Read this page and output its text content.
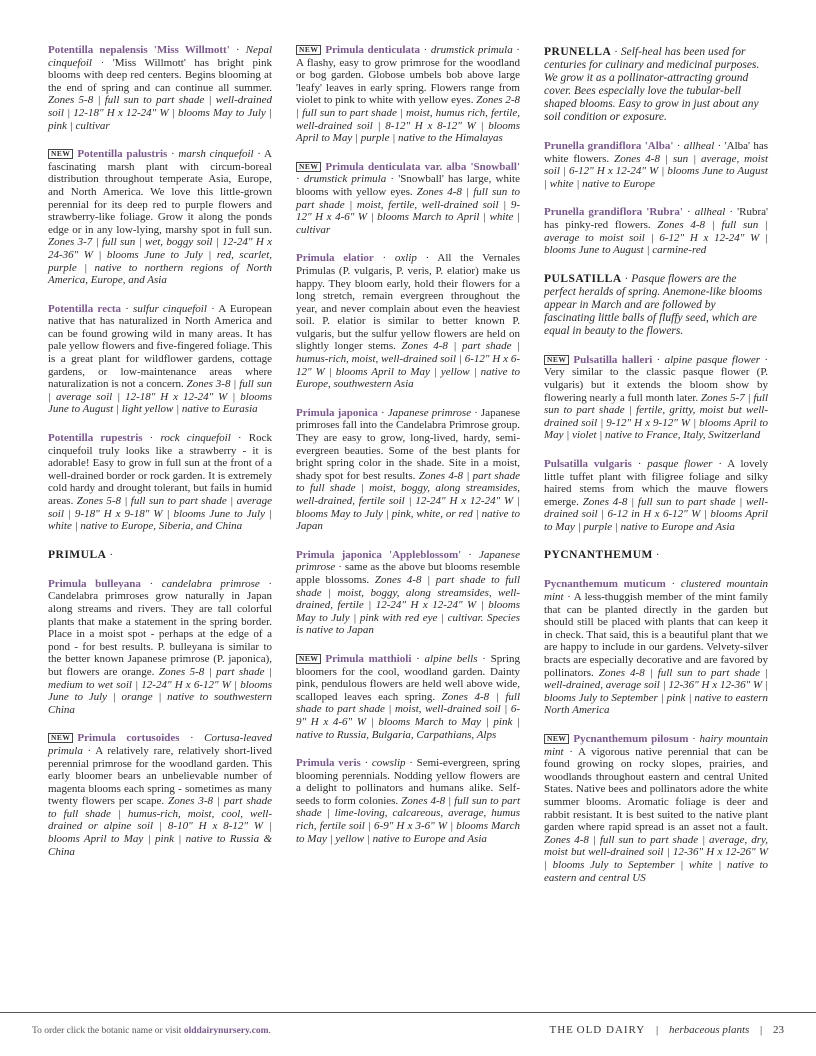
Potentilla nepalensis 'Miss Willmott' · Nepal cinquefoil · 'Miss Willmott' has bright pink blooms with deep red centers. Begins blooming at the end of spring and can continue all summer. Zones 5-8 | full sun to part shade | well-drained soil | 12-18" H x 12-24" W | blooms May to July | pink | cultivar

NEW Potentilla palustris · marsh cinquefoil · A fascinating marsh plant with circum-boreal distribution throughout temperate Asia, Europe, and North America. We love this little-grown perennial for its deep red to purple flowers and strawberry-like foliage. Grow it along the ponds edge or in any low-lying, marshy spot in full sun. Zones 3-7 | full sun | wet, boggy soil | 12-24" H x 24-36" W | blooms June to July | red, scarlet, purple | native to northern regions of North America, Europe, and Asia

Potentilla recta · sulfur cinquefoil · A European native that has naturalized in North America and can be found growing wild in many areas. It has pale yellow flowers and five-fingered foliage. This is a great plant for wildflower gardens, cottage gardens, or low-maintenance areas where naturalization is not a concern. Zones 3-8 | full sun | average soil | 12-18" H x 12-24" W | blooms June to August | light yellow | native to Eurasia

Potentilla rupestris · rock cinquefoil · Rock cinquefoil truly looks like a strawberry - it is adorable! Easy to grow in full sun at the front of a well-drained border or rock garden. It is extremely cold hardy and drought tolerant, but fails in humid areas. Zones 5-8 | full sun to part shade | average soil | 9-18" H x 9-18" W | blooms June to July | white | native to Europe, Siberia, and China

PRIMULA ·

Primula bulleyana · candelabra primrose · Candelabra primroses grow naturally in Japan along streams and rivers. They are tall colorful plants that make a statement in the spring border. Place in a moist spot - perhaps at the edge of a pond - for best results. P. bulleyana is similar to the better known Japanese primrose (P. japonica), but flowers are orange. Zones 5-8 | part shade | medium to wet soil | 12-24" H x 6-12" W | blooms June to July | orange | native to southwestern China

NEW Primula cortusoides · Cortusa-leaved primula · A relatively rare, relatively short-lived perennial primrose for the woodland garden. This early bloomer bears an unbelievable number of magenta blooms each spring - sometimes as many twenty flowers per scape. Zones 3-8 | part shade to full shade | humus-rich, moist, cool, well-drained or alpine soil | 8-10" H x 8-12" W | blooms April to May | pink | native to Russia & China

NEW Primula denticulata · drumstick primula · A flashy, easy to grow primrose for the woodland or bog garden. Globose umbels bob above large 'leafy' leaves in early spring. Flowers range from violet to pink to white with yellow eyes. Zones 2-8 | full sun to part shade | moist, humus rich, fertile, well-drained soil | 8-12" H x 8-12" W | blooms April to May | purple | native to the Himalayas

NEW Primula denticulata var. alba 'Snowball' · drumstick primula · 'Snowball' has large, white blooms with yellow eyes. Zones 4-8 | full sun to part shade | moist, fertile, well-drained soil | 9-12" H x 4-6" W | blooms March to April | white | cultivar

Primula elatior · oxlip · All the Vernales Primulas (P. vulgaris, P. veris, P. elatior) make us happy. They bloom early, hold their flowers for a long stretch, remain evergreen throughout the year, and never complain about even the heaviest soil. P. elatior is similar to better known P. vulgaris, but the sulfur yellow flowers are held on slightly longer stems. Zones 4-8 | part shade | humus-rich, moist, well-drained soil | 6-12" H x 6-12" W | blooms April to May | yellow | native to Europe, southwestern Asia

Primula japonica · Japanese primrose · Japanese primroses fall into the Candelabra Primrose group. They are easy to grow, long-lived, hardy, semi-evergreen beauties. Some of the best plants for bright spring color in the shade. Site in a moist, shady spot for best results. Zones 4-8 | part shade to full shade | moist, boggy, along streamsides, well-drained, fertile soil | 12-24" H x 12-24" W | blooms May to July | pink, white, or red | native to Japan

Primula japonica 'Appleblossom' · Japanese primrose · same as the above but blooms resemble apple blossoms. Zones 4-8 | part shade to full shade | moist, boggy, along streamsides, well-drained, fertile | 12-24" H x 12-24" W | blooms May to July | pink with red eye | cultivar. Species is native to Japan

NEW Primula matthioli · alpine bells · Spring bloomers for the cool, woodland garden. Dainty pink, pendulous flowers are held well above wide, scalloped leaves each spring. Zones 4-8 | full shade to part shade | moist, well-drained soil | 6-9" H x 4-6" W | blooms March to May | pink | native to Russia, Bulgaria, Carpathians, Alps

Primula veris · cowslip · Semi-evergreen, spring blooming perennials. Nodding yellow flowers are a delight to pollinators and humans alike. Self-seeds to form colonies. Zones 4-8 | full sun to part shade | lime-loving, calcareous, average, humus rich, fertile soil | 6-9" H x 3-6" W | blooms March to May | yellow | native to Europe and Asia

PRUNELLA · Self-heal has been used for centuries for culinary and medicinal purposes. We grow it as a pollinator-attracting ground cover. Bees especially love the tubular-bell shaped blooms. Easy to grow in just about any soil condition or exposure.

Prunella grandiflora 'Alba' · allheal · 'Alba' has white flowers. Zones 4-8 | sun | average, moist soil | 6-12" H x 12-24" W | blooms June to August | white | native to Europe

Prunella grandiflora 'Rubra' · allheal · 'Rubra' has pinky-red flowers. Zones 4-8 | full sun | average to moist soil | 6-12" H x 12-24" W | blooms June to August | carmine-red

PULSATILLA · Pasque flowers are the perfect heralds of spring. Anemone-like blooms appear in March and are followed by fascinating little balls of fluffy seed, which are equal in beauty to the flowers.

NEW Pulsatilla halleri · alpine pasque flower · Very similar to the classic pasque flower (P. vulgaris) but it extends the bloom show by flowering nearly a full month later. Zones 5-7 | full sun to part shade | fertile, gritty, moist but well-drained soil | 9-12" H x 9-12" W | blooms April to May | violet | native to France, Italy, Switzerland

Pulsatilla vulgaris · pasque flower · A lovely little tuffet plant with filigree foliage and silky haired stems from which the mauve flowers emerge. Zones 4-8 | full sun to part shade | well-drained soil | 6-12 in H x 6-12" W | blooms April to May | purple | native to Europe and Asia

PYCNANTHEMUM ·

Pycnanthemum muticum · clustered mountain mint · A less-thuggish member of the mint family that can be planted directly in the garden but should still be placed with plants that can keep it in check. That said, this is a beautiful plant that we are happy to include in our gardens. Velvety-silver bracts are especially decorative and are favored by pollinators. Zones 4-8 | full sun to part shade | well-drained, average soil | 12-36" H x 12-36" W | blooms July to September | pink | native to eastern North America

NEW Pycnanthemum pilosum · hairy mountain mint · A vigorous native perennial that can be found growing on rocky slopes, prairies, and woodlands throughout eastern and central United States. Native bees and pollinators adore the white summer blooms. Aromatic foliage is deer and rabbit resistant. It is best suited to the native plant garden where rapid spread is an asset not a fault. Zones 4-8 | full sun to part shade | average, dry, moist but well-drained soil | 12-36" H x 12-26" W | blooms July to September | white | native to eastern and central US

To order click the botanic name or visit olddairynursery.com.	THE OLD DAIRY | herbaceous plants | 23
